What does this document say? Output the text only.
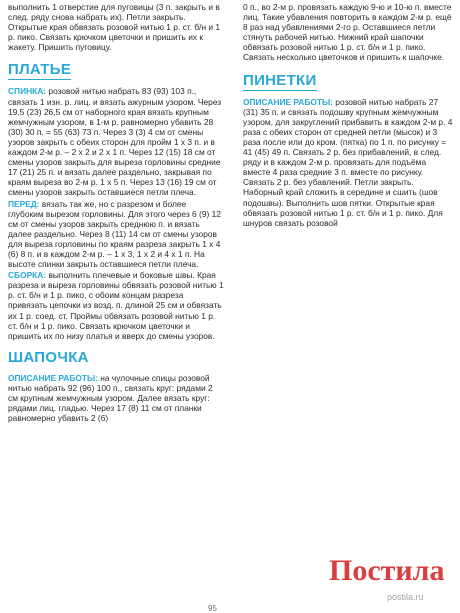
выполнить 1 отверстие для пуговицы (3 п. закрыть и в след. ряду снова набрать их). Петли закрыть. Открытые края обвязать розовой нитью 1 р. ст. б/н и 1 р. пико. Связать крючком цветочки и пришить их к жакету. Пришить пуговицу.

ПЛАТЬЕ

СПИНКА: розовой нитью набрать 83 (93) 103 п., связать 1 изн. р. лиц. и вязать ажурным узором. Через 19,5 (23) 26,5 см от наборного края вязать крупным жемчужным узором, в 1-м р. равномерно убавить 28 (30) 30 п. = 55 (63) 73 п. Через 3 (3) 4 см от смены узоров закрыть с обеих сторон для пройм 1 х 3 п. и в каждом 2-м р. – 2 х 2 и 2 х 1 п. Через 12 (15) 18 см от смены узоров закрыть для выреза горловины средние 17 (21) 25 п. и вязать далее раздельно, закрывая по краям выреза во 2-м р. 1 х 5 п. Через 13 (16) 19 см от смены узоров закрыть оставшиеся петли плеча.

ПЕРЕД: вязать так же, но с разрезом и более глубоким вырезом горловины. Для этого через 6 (9) 12 см от смены узоров закрыть среднюю п. и вязать далее раздельно. Через 8 (11) 14 см от смены узоров для выреза горловины по краям разреза закрыть 1 х 4 (6) 8 п. и в каждом 2-м р. – 1 х 3, 1 х 2 и 4 х 1 п. На высоте спинки закрыть оставшиеся петли плеча.

СБОРКА: выполнить плечевые и боковые швы. Края разреза и выреза горловины обвязать розовой нитью 1 р. ст. б/н и 1 р. пико, с обоим концам разреза привязать цепочки из возд. п. длиной 25 см и обвязать их 1 р. соед. ст. Проймы обвязать розовой нитью 1 р. ст. б/н и 1 р. пико. Связать крючком цветочки и пришить их по низу платья и вверх до смены узоров.

ШАПОЧКА

ОПИСАНИЕ РАБОТЫ: на чулочные спицы розовой нитью набрать 92 (96) 100 п., связать круг: рядами 2 см крупным жемчужным узором. Далее вязать круг: рядами лиц. гладью. Через 17 (8) 11 см от планки равномерно убавить 2 (6)

0 п., во 2-м р. провязать каждую 9-ю и 10-ю п. вместе лиц. Такие убавления повторить в каждом 2-м р. ещё 8 раз над убавлениями 2-го р. Оставшиеся петли стянуть рабочей нитью. Нижний край шапочки обвязать розовой нитью 1 р. ст. б/н и 1 р. пико. Связать несколько цветочков и пришить к шапочке.

ПИНЕТКИ

ОПИСАНИЕ РАБОТЫ: розовой нитью набрать 27 (31) 35 п. и связать подошву крупным жемчужным узором, для закруглений прибавить в каждом 2-м р. 4 раза с обеих сторон от средней петли (мысок) и 3 раза после или до кром. (пятка) по 1 п. по рисунку = 41 (45) 49 п. Связать 2 р. без прибавлений, в след. ряду и в каждом 2-м р. провязать для подъёма вместе 4 раза средние 3 п. вместе по рисунку. Связать 2 р. без убавлений. Петли закрыть. Наборный край сложить в середине и сшить (шов подошвы). Выполнить шов пятки. Открытые края обвязать розовой нитью 1 р. ст. б/н и 1 р. пико. Для шнуров связать розовой

95
Постила
postila.ru
